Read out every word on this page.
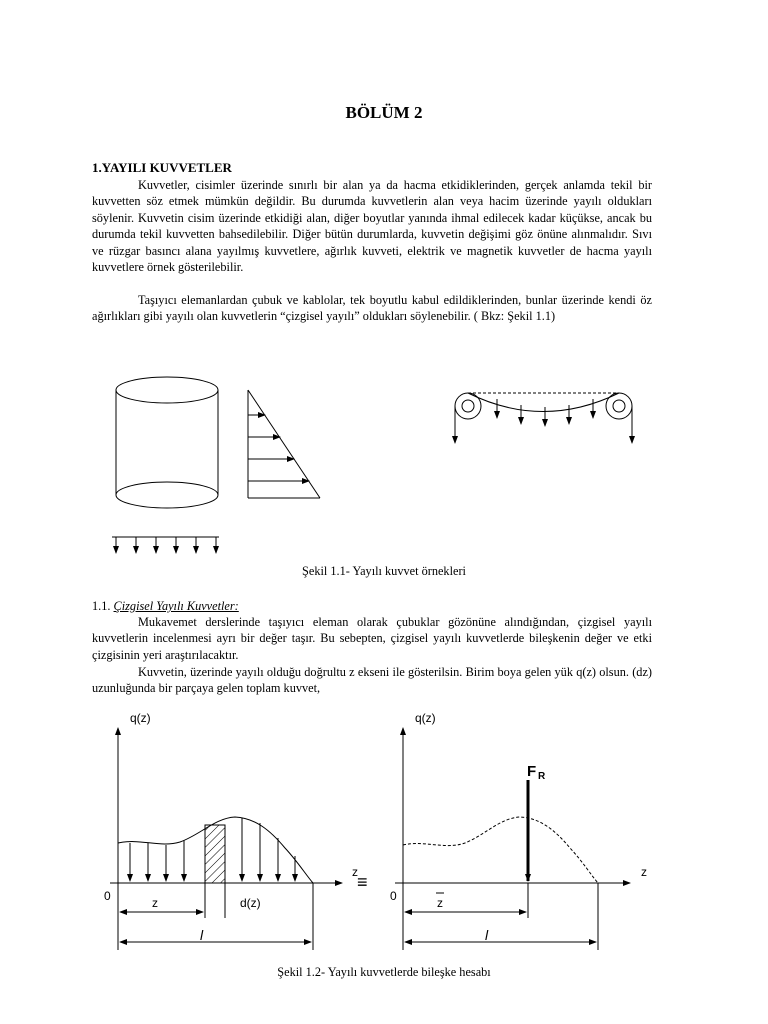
BÖLÜM 2
1.YAYILI KUVVETLER
Kuvvetler, cisimler üzerinde sınırlı bir alan ya da hacma etkidiklerinden, gerçek anlamda tekil bir kuvvetten söz etmek mümkün değildir. Bu durumda kuvvetlerin alan veya hacim üzerinde yayılı oldukları söylenir. Kuvvetin cisim üzerinde etkidiği alan, diğer boyutlar yanında ihmal edilecek kadar küçükse, ancak bu durumda tekil kuvvetten bahsedilebilir. Diğer bütün durumlarda, kuvvetin değişimi göz önüne alınmalıdır. Sıvı ve rüzgar basıncı alana yayılmış kuvvetlere, ağırlık kuvveti, elektrik ve magnetik kuvvetler de hacma yayılı kuvvetlere örnek gösterilebilir.
Taşıyıcı elemanlardan çubuk ve kablolar, tek boyutlu kabul edildiklerinden, bunlar üzerinde kendi öz ağırlıkları gibi yayılı olan kuvvetlerin “çizgisel yayılı” oldukları söylenebilir. ( Bkz: Şekil 1.1)
Şekil 1.1- Yayılı kuvvet örnekleri
1.1. Çizgisel Yayılı Kuvvetler:
Mukavemet derslerinde taşıyıcı eleman olarak çubuklar gözönüne alındığından, çizgisel yayılı kuvvetlerin incelenmesi ayrı bir değer taşır. Bu sebepten, çizgisel yayılı kuvvetlerde bileşkenin değer ve etki çizgisinin yeri araştırılacaktır.
Kuvvetin, üzerinde yayılı olduğu doğrultu z ekseni ile gösterilsin. Birim boya gelen yük q(z) olsun. (dz) uzunluğunda bir parçaya gelen toplam kuvvet,
q(z)
0	z	d(z)
l
z ≡
q(z)
0	z
l
z
F R
Şekil 1.2- Yayılı kuvvetlerde bileşke hesabı
